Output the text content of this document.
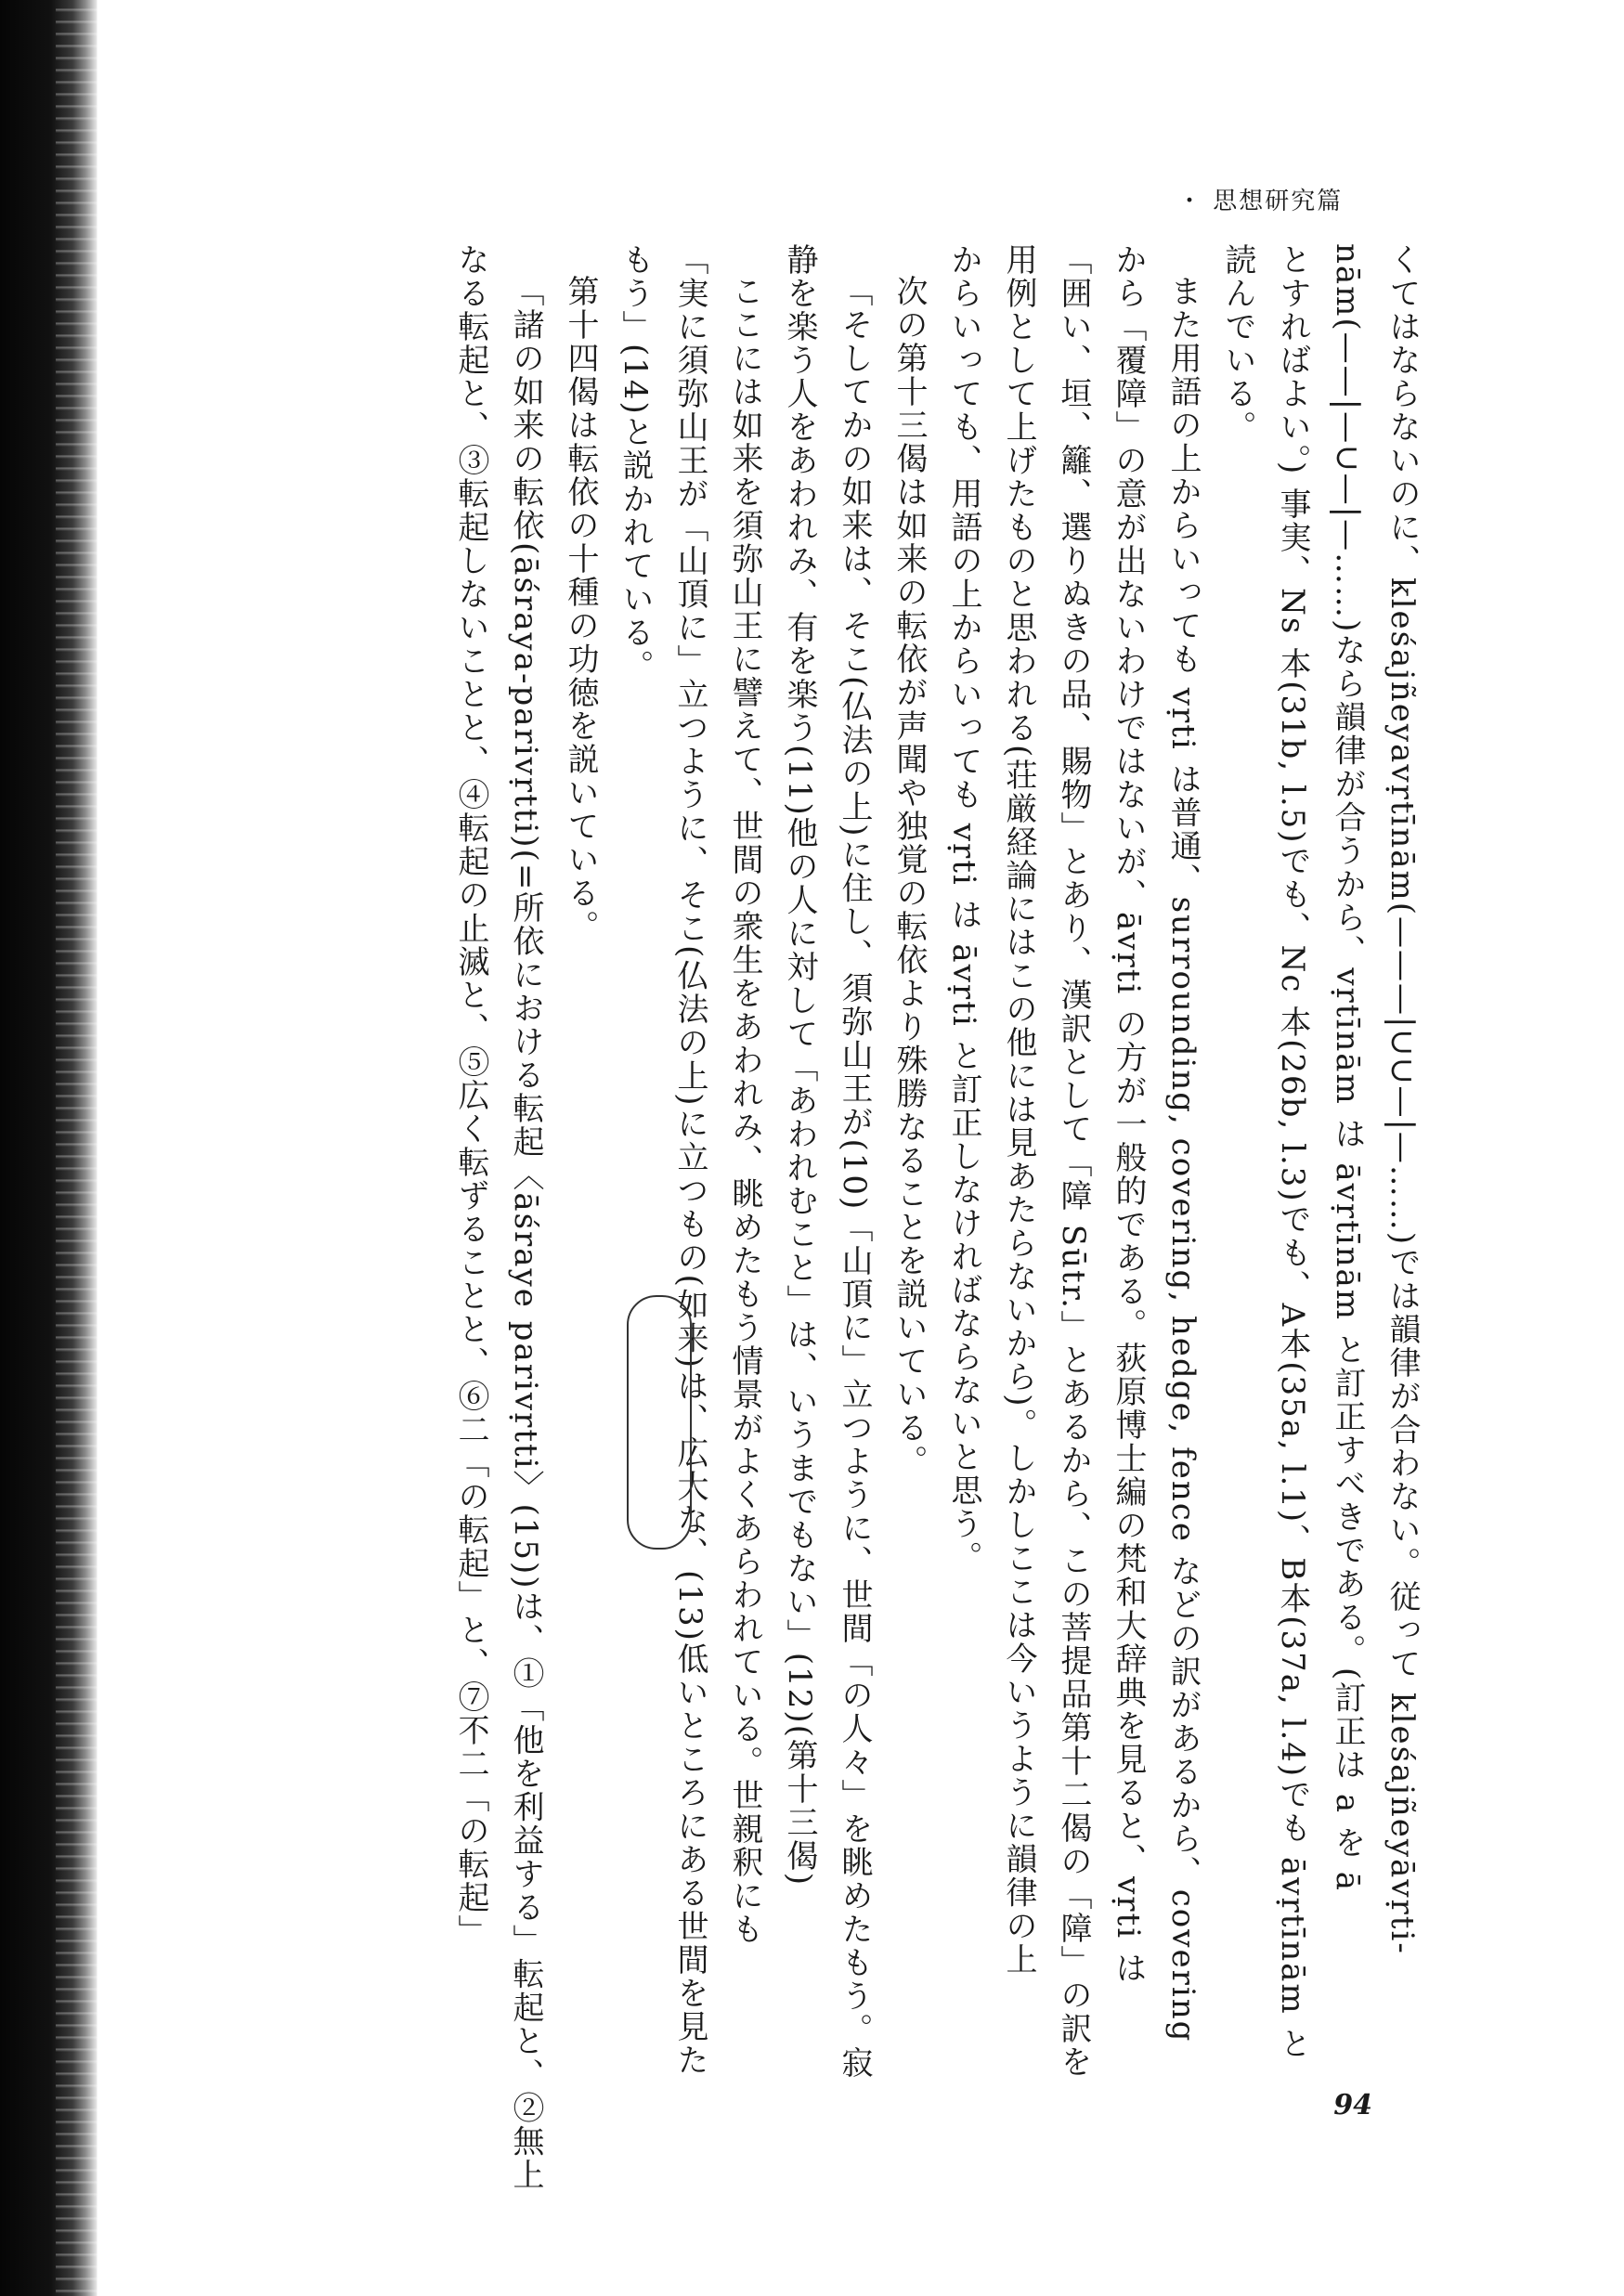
・ 思想研究篇

くてはならないのに、kleśajñeyavṛtīnām(———|∪∪—|—……)では韻律が合わない。従って kleśajñeyāvṛti-

nām(——|—∪—|—……)なら韻律が合うから、vṛtīnām は āvṛtīnām と訂正すべきである。(訂正は a を ā

とすればよい。) 事実、Ns 本(31b, l.5)でも、Nc 本(26b, l.3)でも、A本(35a, l.1)、B本(37a, l.4)でも āvṛtīnām と

読んでいる。

また用語の上からいっても vṛti は普通、surrounding, covering, hedge, fence などの訳があるから、covering

から「覆障」の意が出ないわけではないが、āvṛti の方が一般的である。荻原博士編の梵和大辞典を見ると、vṛti は

「囲い、垣、籬、選りぬきの品、賜物」とあり、漢訳として「障 Sūtr.」とあるから、この菩提品第十二偈の「障」の訳を

用例として上げたものと思われる(荘厳経論にはこの他には見あたらないから)。しかしここは今いうように韻律の上

からいっても、用語の上からいっても vṛti は āvṛti と訂正しなければならないと思う。

次の第十三偈は如来の転依が声聞や独覚の転依より殊勝なることを説いている。

「そしてかの如来は、そこ(仏法の上)に住し、須弥山王が(10)「山頂に」立つように、世間「の人々」を眺めたもう。寂

静を楽う人をあわれみ、有を楽う(11)他の人に対して「あわれむこと」は、いうまでもない」(12)(第十三偈)

ここには如来を須弥山王に譬えて、世間の衆生をあわれみ、眺めたもう情景がよくあらわれている。世親釈にも

「実に須弥山王が「山頂に」立つように、そこ(仏法の上)に立つもの(如来)は、広大な、(13)低いところにある世間を見た

もう」(14)と説かれている。

第十四偈は転依の十種の功徳を説いている。

「諸の如来の転依(āśraya-parivṛtti)(=所依における転起〈āśraye parivṛtti〉(15))は、①「他を利益する」転起と、②無上

なる転起と、③転起しないことと、④転起の止滅と、⑤広く転ずることと、⑥二「の転起」と、⑦不二「の転起」

94
